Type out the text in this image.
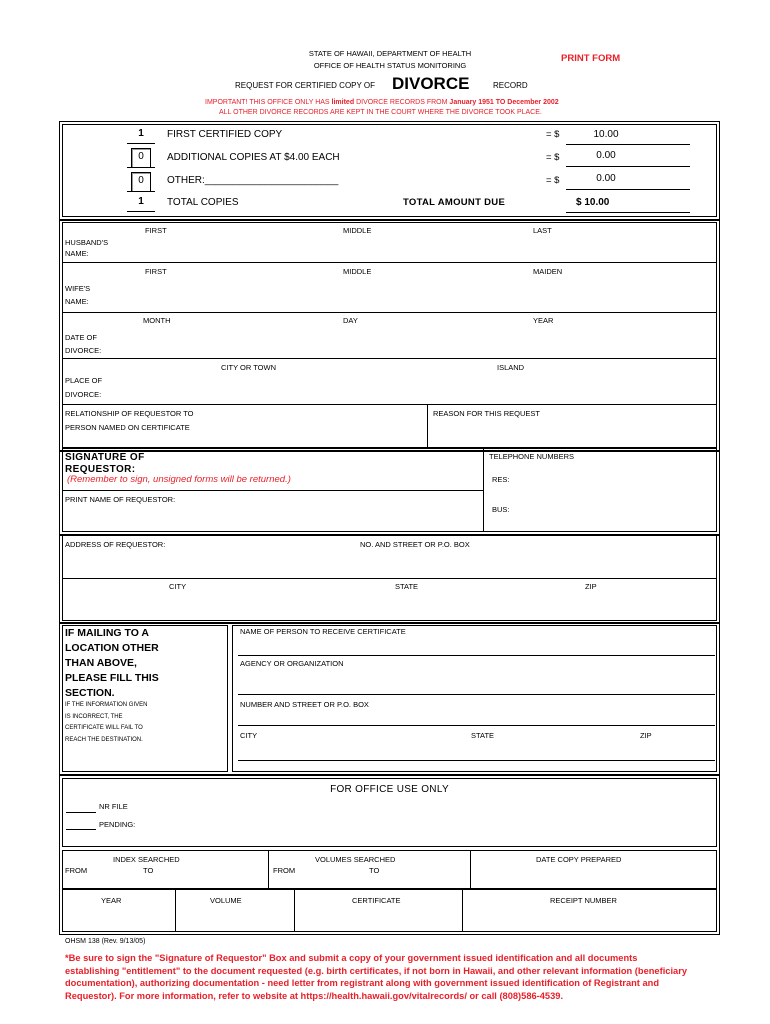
STATE OF HAWAII, DEPARTMENT OF HEALTH
OFFICE OF HEALTH STATUS MONITORING
PRINT FORM
REQUEST FOR CERTIFIED COPY OF DIVORCE	RECORD
IMPORTANT! THIS OFFICE ONLY HAS limited DIVORCE RECORDS FROM January 1951 TO December 2002
ALL OTHER DIVORCE RECORDS ARE KEPT IN THE COURT WHERE THE DIVORCE TOOK PLACE.
1	FIRST CERTIFIED COPY	= $	10.00
0	ADDITIONAL COPIES AT $4.00 EACH	= $	0.00
0	OTHER:________________________	= $	0.00
1	TOTAL COPIES	TOTAL AMOUNT DUE	$ 10.00
FIRST	MIDDLE	LAST
HUSBAND'S
NAME:
FIRST	MIDDLE	MAIDEN
WIFE'S
NAME:
MONTH	DAY	YEAR
DATE OF
DIVORCE:
CITY OR TOWN	ISLAND
PLACE OF
DIVORCE:
RELATIONSHIP OF REQUESTOR TO
PERSON NAMED ON CERTIFICATE
REASON FOR THIS REQUEST
SIGNATURE OF
REQUESTOR:
(Remember to sign, unsigned forms will be returned.)
PRINT NAME OF REQUESTOR:
TELEPHONE NUMBERS
RES:
BUS:
ADDRESS OF REQUESTOR:	NO. AND STREET OR P.O. BOX
CITY	STATE	ZIP
IF MAILING TO A
LOCATION OTHER
THAN ABOVE,
PLEASE FILL THIS
SECTION.
IF THE INFORMATION GIVEN
IS INCORRECT, THE
CERTIFICATE WILL FAIL TO
REACH THE DESTINATION.
NAME OF PERSON TO RECEIVE CERTIFICATE
AGENCY OR ORGANIZATION
NUMBER AND STREET OR P.O. BOX
CITY	STATE	ZIP
FOR OFFICE USE ONLY
NR FILE
PENDING:
INDEX SEARCHED
FROM	TO
VOLUMES SEARCHED
FROM	TO
DATE COPY PREPARED
YEAR	VOLUME	CERTIFICATE	RECEIPT NUMBER
OHSM 138 (Rev. 9/13/05)
*Be sure to sign the "Signature of Requestor" Box and submit a copy of your government issued identification and all documents
establishing "entitlement" to the document requested (e.g. birth certificates, if not born in Hawaii, and other relevant information (beneficiary
documentation), authorizing documentation - need letter from registrant along with government issued identification of Registrant and
Requestor). For more information, refer to website at https://health.hawaii.gov/vitalrecords/ or call (808)586-4539.
